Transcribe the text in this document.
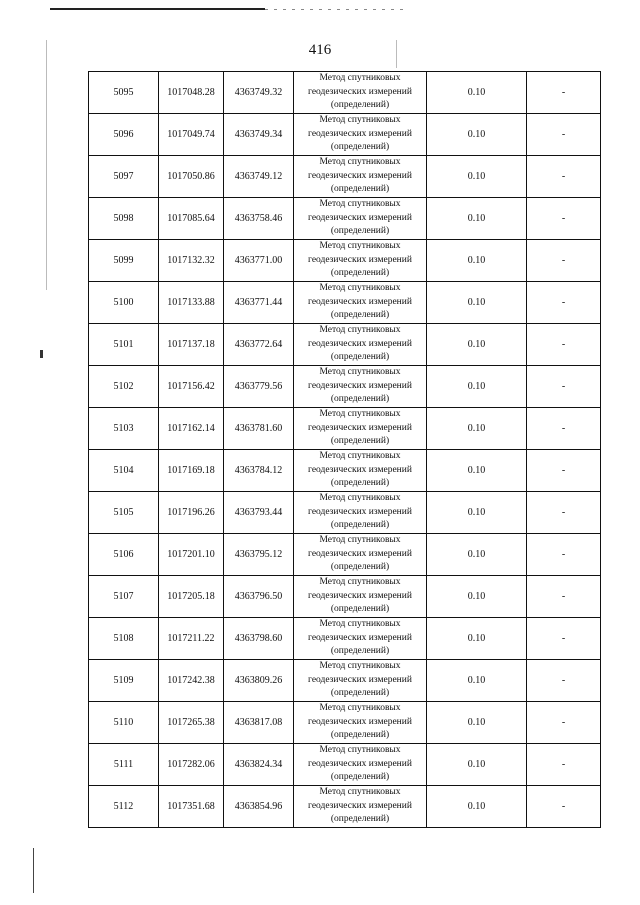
416
5095	1017048.28	4363749.32	Метод спутниковых
геодезических измерений
(определений)	0.10	-
5096	1017049.74	4363749.34	Метод спутниковых
геодезических измерений
(определений)	0.10	-
5097	1017050.86	4363749.12	Метод спутниковых
геодезических измерений
(определений)	0.10	-
5098	1017085.64	4363758.46	Метод спутниковых
геодезических измерений
(определений)	0.10	-
5099	1017132.32	4363771.00	Метод спутниковых
геодезических измерений
(определений)	0.10	-
5100	1017133.88	4363771.44	Метод спутниковых
геодезических измерений
(определений)	0.10	-
5101	1017137.18	4363772.64	Метод спутниковых
геодезических измерений
(определений)	0.10	-
5102	1017156.42	4363779.56	Метод спутниковых
геодезических измерений
(определений)	0.10	-
5103	1017162.14	4363781.60	Метод спутниковых
геодезических измерений
(определений)	0.10	-
5104	1017169.18	4363784.12	Метод спутниковых
геодезических измерений
(определений)	0.10	-
5105	1017196.26	4363793.44	Метод спутниковых
геодезических измерений
(определений)	0.10	-
5106	1017201.10	4363795.12	Метод спутниковых
геодезических измерений
(определений)	0.10	-
5107	1017205.18	4363796.50	Метод спутниковых
геодезических измерений
(определений)	0.10	-
5108	1017211.22	4363798.60	Метод спутниковых
геодезических измерений
(определений)	0.10	-
5109	1017242.38	4363809.26	Метод спутниковых
геодезических измерений
(определений)	0.10	-
5110	1017265.38	4363817.08	Метод спутниковых
геодезических измерений
(определений)	0.10	-
5111	1017282.06	4363824.34	Метод спутниковых
геодезических измерений
(определений)	0.10	-
5112	1017351.68	4363854.96	Метод спутниковых
геодезических измерений
(определений)	0.10	-
